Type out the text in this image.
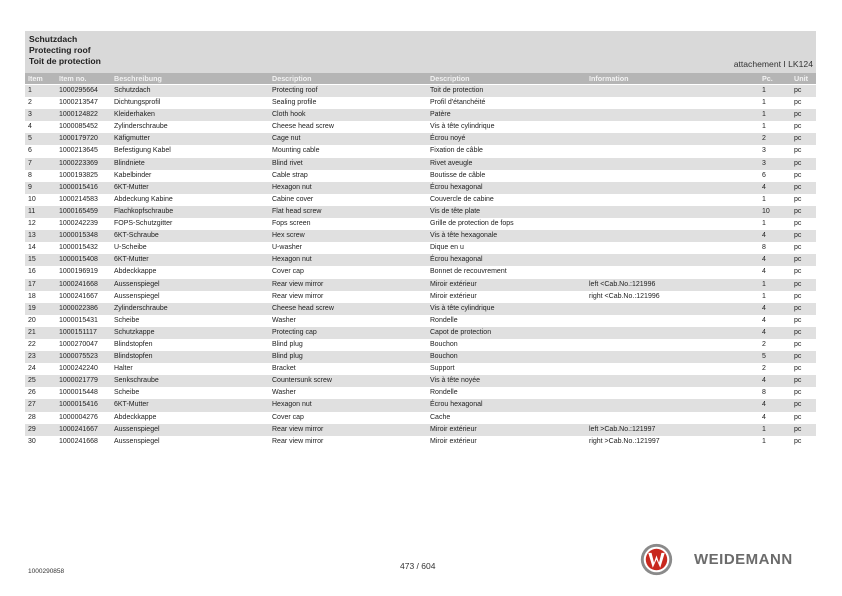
Schutzdach
Protecting roof
Toit de protection	attachement I LK124
Item Item no.	Beschreibung	Description	Description	Information	Pc.	Unit
1	1000295664 Schutzdach	Protecting roof	Toit de protection	1	pc
2	1000213547 Dichtungsprofil	Sealing profile	Profil d'étanchéité	1	pc
3	1000124822 Kleiderhaken	Cloth hook	Patère	1	pc
4	1000085452 Zylinderschraube	Cheese head screw	Vis à tête cylindrique	1	pc
5	1000179720 Käfigmutter	Cage nut	Écrou noyé	2	pc
6	1000213645 Befestigung Kabel	Mounting cable	Fixation de câble	3	pc
7	1000223369 Blindniete	Blind rivet	Rivet aveugle	3	pc
8	1000193825 Kabelbinder	Cable strap	Boutisse de câble	6	pc
9	1000015416 6KT-Mutter	Hexagon nut	Écrou hexagonal	4	pc
10	1000214583 Abdeckung Kabine	Cabine cover	Couvercle de cabine	1	pc
11	1000165459 Flachkopfschraube	Flat head screw	Vis de tête plate	10	pc
12	1000242239 FOPS-Schutzgitter	Fops screen	Grille de protection de fops	1	pc
13	1000015348 6KT-Schraube	Hex screw	Vis à tête hexagonale	4	pc
14	1000015432 U-Scheibe	U-washer	Dique en u	8	pc
15	1000015408 6KT-Mutter	Hexagon nut	Écrou hexagonal	4	pc
16	1000196919 Abdeckkappe	Cover cap	Bonnet de recouvrement	4	pc
17	1000241668 Aussenspiegel	Rear view mirror	Miroir extérieur	left <Cab.No.:121996	1	pc
18	1000241667 Aussenspiegel	Rear view mirror	Miroir extérieur	right <Cab.No.:121996	1	pc
19	1000022386 Zylinderschraube	Cheese head screw	Vis à tête cylindrique	4	pc
20	1000015431 Scheibe	Washer	Rondelle	4	pc
21	1000151117 Schutzkappe	Protecting cap	Capot de protection	4	pc
22	1000270047 Blindstopfen	Blind plug	Bouchon	2	pc
23	1000075523 Blindstopfen	Blind plug	Bouchon	5	pc
24	1000242240 Halter	Bracket	Support	2	pc
25	1000021779 Senkschraube	Countersunk screw	Vis à tête noyée	4	pc
26	1000015448 Scheibe	Washer	Rondelle	8	pc
27	1000015416 6KT-Mutter	Hexagon nut	Écrou hexagonal	4	pc
28	1000004276 Abdeckkappe	Cover cap	Cache	4	pc
29	1000241667 Aussenspiegel	Rear view mirror	Miroir extérieur	left >Cab.No.:121997	1	pc
30	1000241668 Aussenspiegel	Rear view mirror	Miroir extérieur	right >Cab.No.:121997	1	pc
1000290858
473 / 604	WEIDEMANN
